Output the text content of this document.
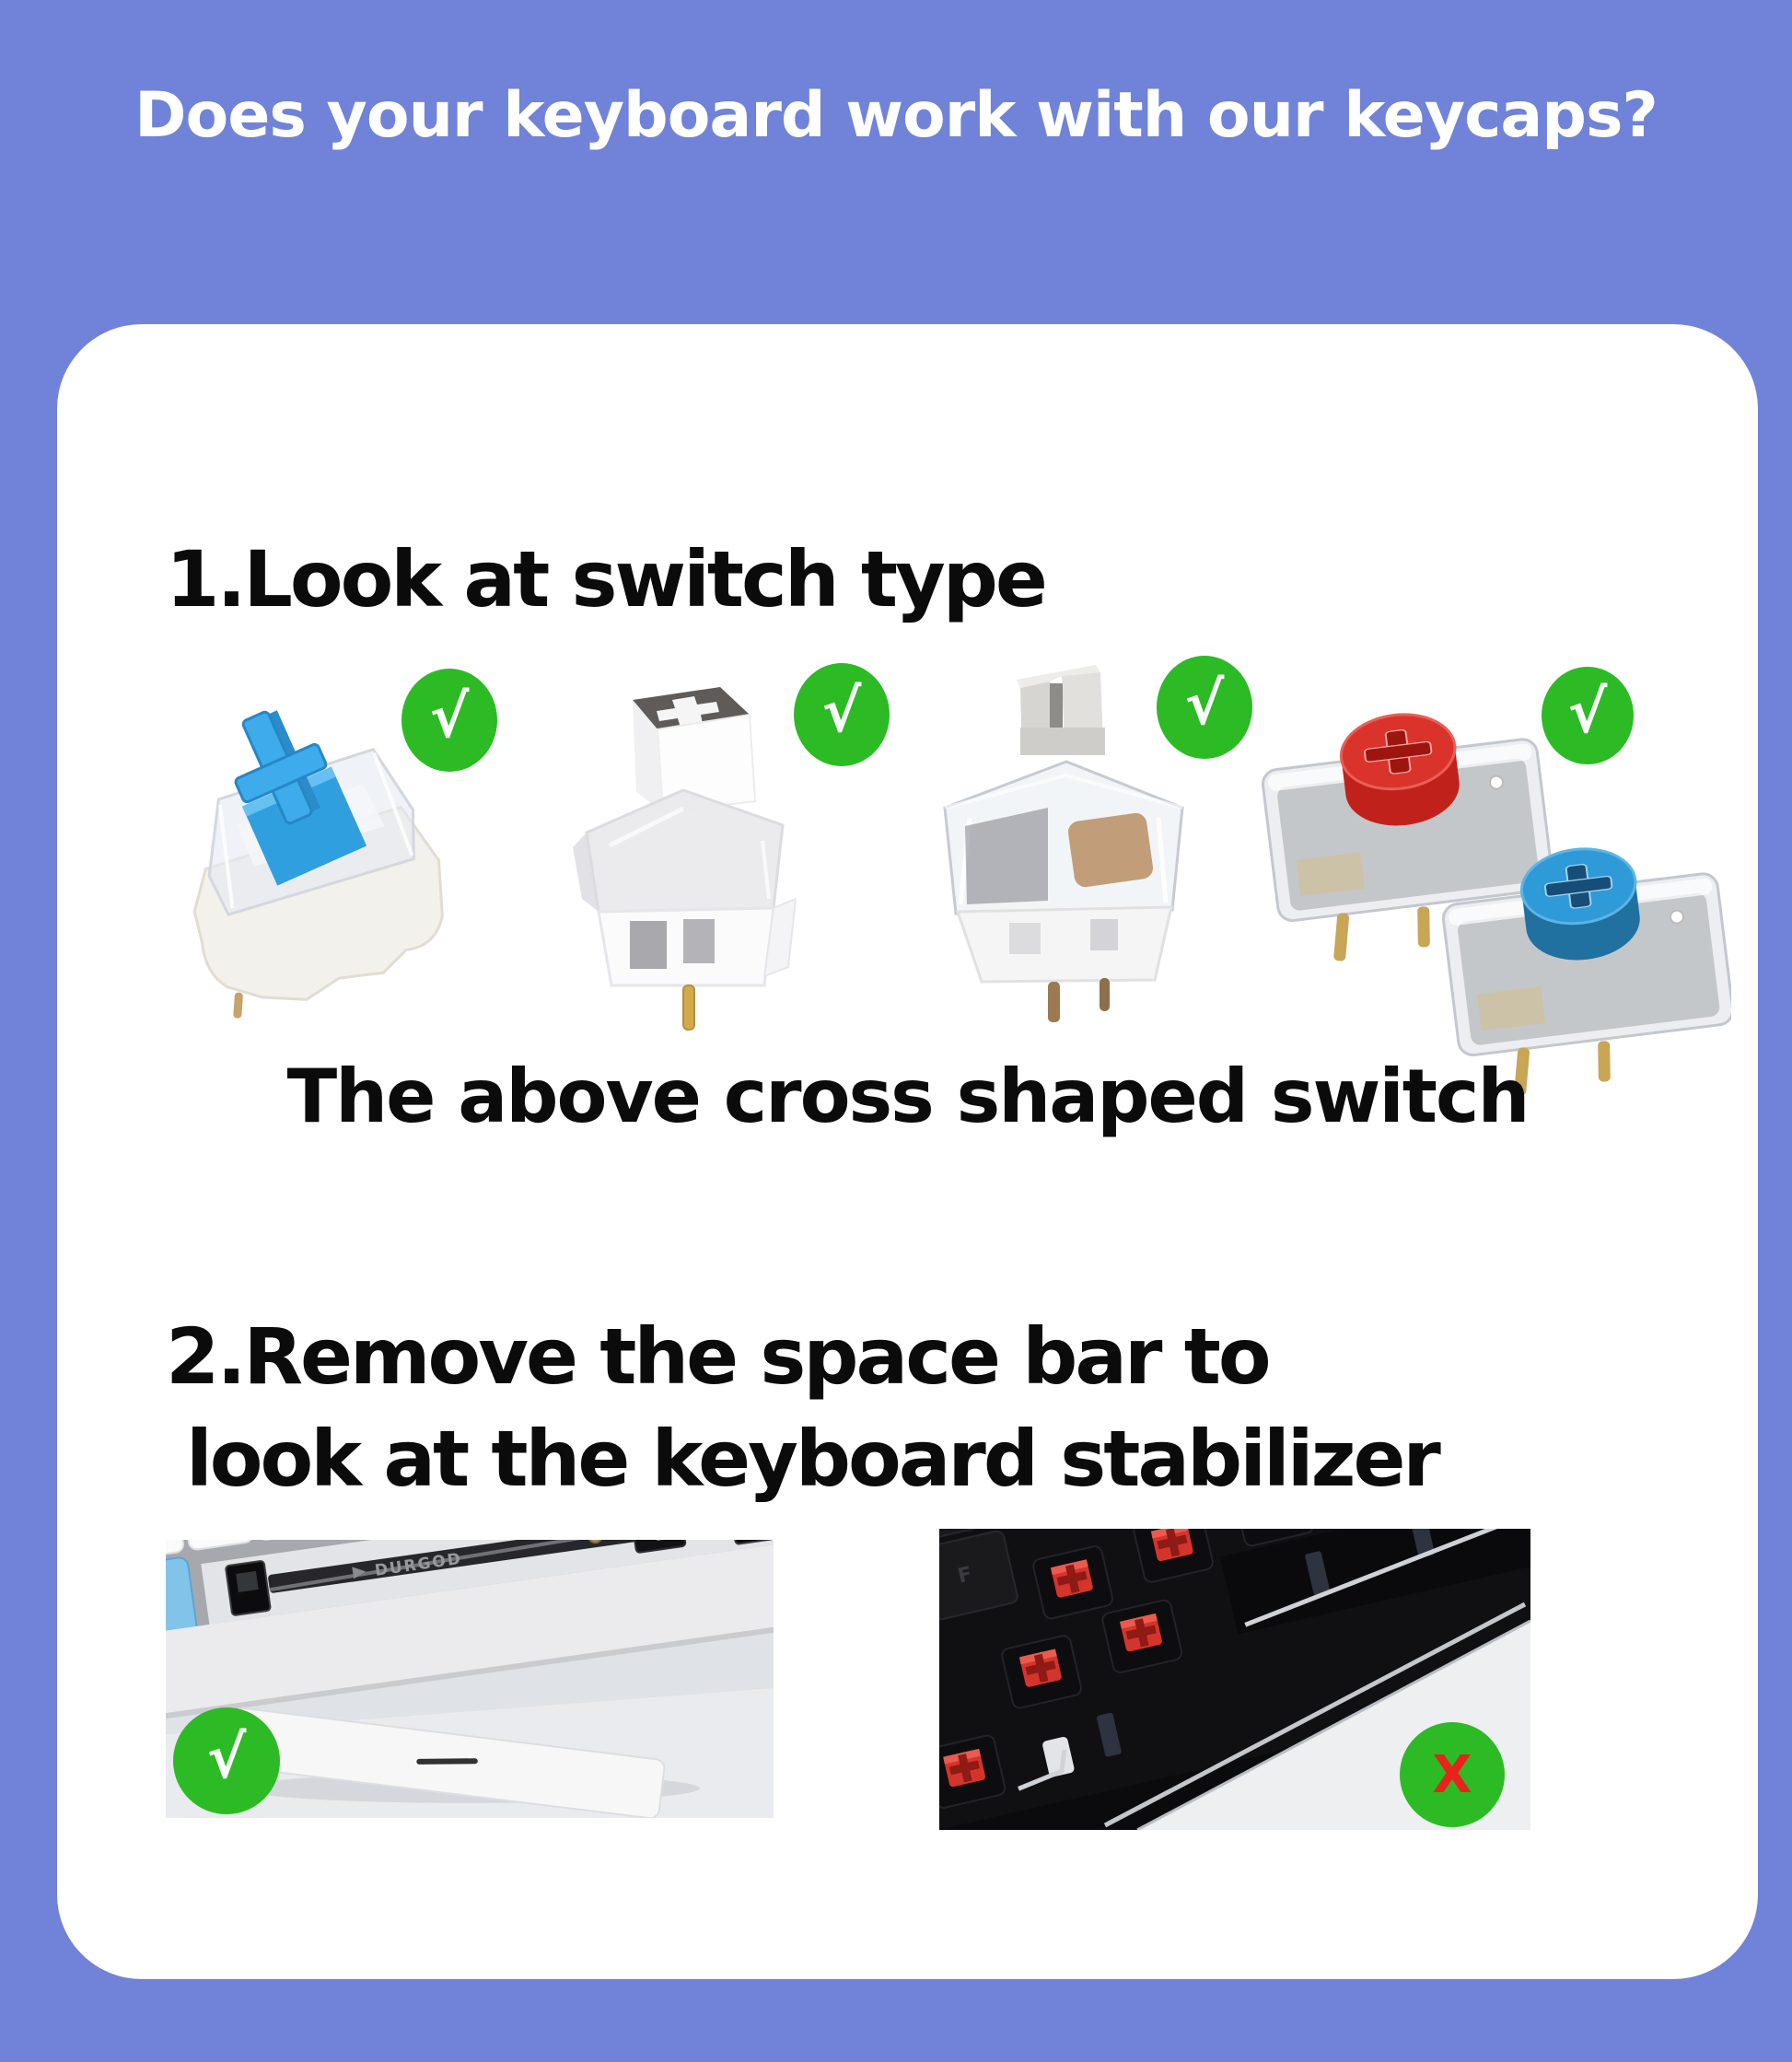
Does your keyboard work with our keycaps?
1.Look at switch type
√	√	√	√
The above cross shaped switch
2.Remove the space bar to
look at the keyboard stabilizer
DURGOD
√
F
X
